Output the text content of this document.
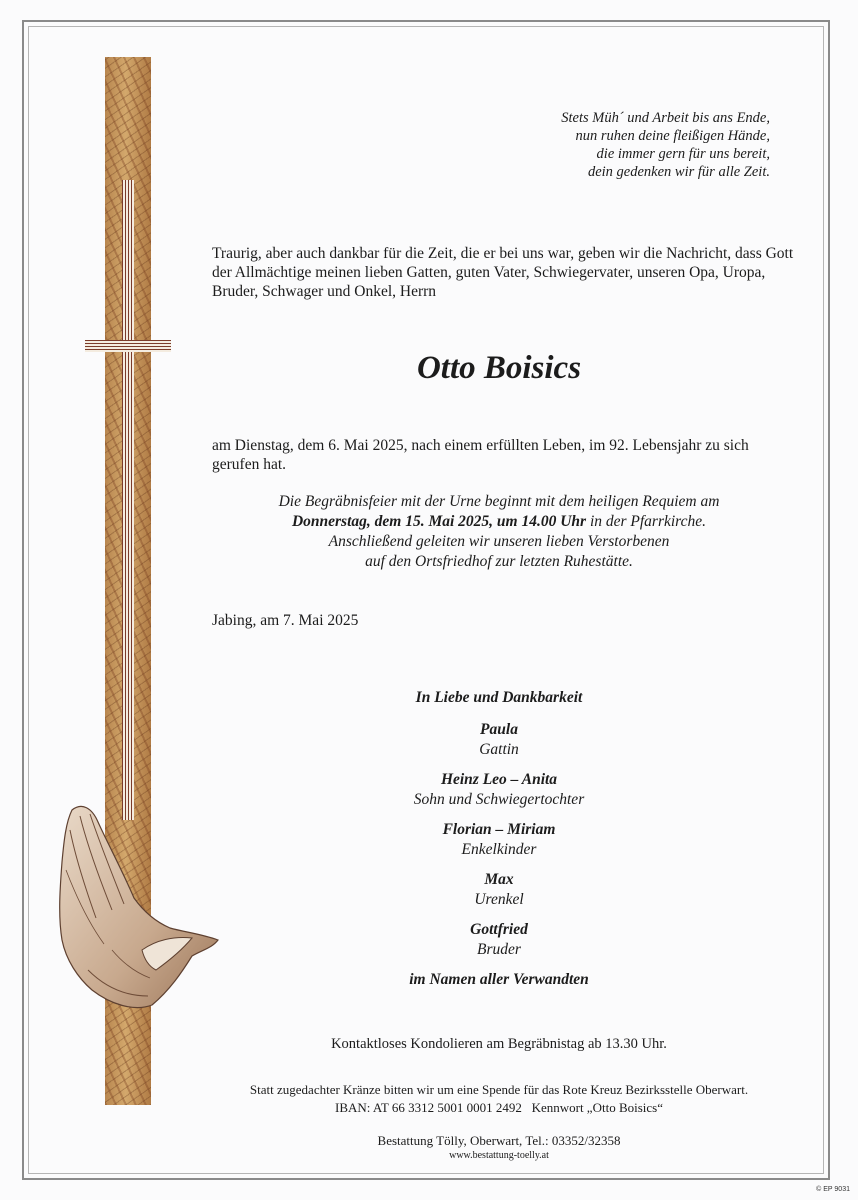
Stets Müh´ und Arbeit bis ans Ende,
nun ruhen deine fleißigen Hände,
die immer gern für uns bereit,
dein gedenken wir für alle Zeit.
Traurig, aber auch dankbar für die Zeit, die er bei uns war, geben wir die Nachricht, dass Gott der Allmächtige meinen lieben Gatten, guten Vater, Schwiegervater, unseren Opa, Uropa, Bruder, Schwager und Onkel, Herrn
Otto Boisics
am Dienstag, dem 6. Mai 2025, nach einem erfüllten Leben, im 92. Lebensjahr zu sich gerufen hat.
Die Begräbnisfeier mit der Urne beginnt mit dem heiligen Requiem am
Donnerstag, dem 15. Mai 2025, um 14.00 Uhr in der Pfarrkirche.
Anschließend geleiten wir unseren lieben Verstorbenen
auf den Ortsfriedhof zur letzten Ruhestätte.
Jabing, am 7. Mai 2025
In Liebe und Dankbarkeit
Paula
Gattin
Heinz Leo – Anita
Sohn und Schwiegertochter
Florian – Miriam
Enkelkinder
Max
Urenkel
Gottfried
Bruder
im Namen aller Verwandten
Kontaktloses Kondolieren am Begräbnistag ab 13.30 Uhr.
Statt zugedachter Kränze bitten wir um eine Spende für das Rote Kreuz Bezirksstelle Oberwart.
IBAN: AT 66 3312 5001 0001 2492   Kennwort „Otto Boisics“
Bestattung Tölly, Oberwart, Tel.: 03352/32358
www.bestattung-toelly.at
© EP 9031
